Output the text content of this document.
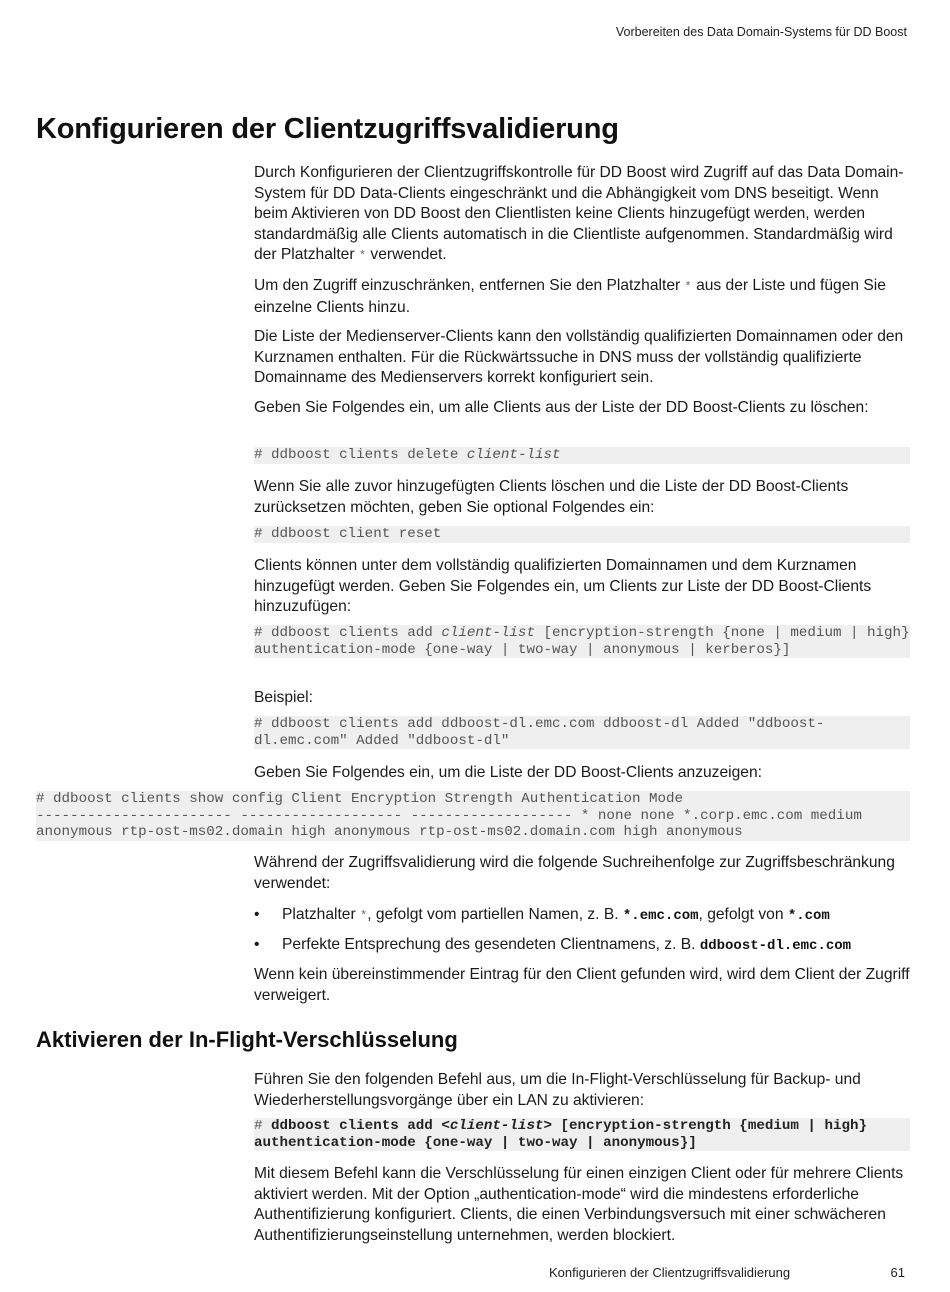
Vorbereiten des Data Domain-Systems für DD Boost
Konfigurieren der Clientzugriffsvalidierung

Durch Konfigurieren der Clientzugriffskontrolle für DD Boost wird Zugriff auf das Data Domain-System für DD Data-Clients eingeschränkt und die Abhängigkeit vom DNS beseitigt. Wenn beim Aktivieren von DD Boost den Clientlisten keine Clients hinzugefügt werden, werden standardmäßig alle Clients automatisch in die Clientliste aufgenommen. Standardmäßig wird der Platzhalter * verwendet.

Um den Zugriff einzuschränken, entfernen Sie den Platzhalter * aus der Liste und fügen Sie einzelne Clients hinzu.

Die Liste der Medienserver-Clients kann den vollständig qualifizierten Domainnamen oder den Kurznamen enthalten. Für die Rückwärtssuche in DNS muss der vollständig qualifizierte Domainname des Medienservers korrekt konfiguriert sein.

Geben Sie Folgendes ein, um alle Clients aus der Liste der DD Boost-Clients zu löschen:

# ddboost clients delete client-list

Wenn Sie alle zuvor hinzugefügten Clients löschen und die Liste der DD Boost-Clients zurücksetzen möchten, geben Sie optional Folgendes ein:

# ddboost client reset

Clients können unter dem vollständig qualifizierten Domainnamen und dem Kurznamen hinzugefügt werden. Geben Sie Folgendes ein, um Clients zur Liste der DD Boost-Clients hinzuzufügen:

# ddboost clients add client-list [encryption-strength {none | medium | high} authentication-mode {one-way | two-way | anonymous | kerberos}]

Beispiel:

# ddboost clients add ddboost-dl.emc.com ddboost-dl Added "ddboost-dl.emc.com" Added "ddboost-dl"

Geben Sie Folgendes ein, um die Liste der DD Boost-Clients anzuzeigen:

# ddboost clients show config Client Encryption Strength Authentication Mode
----------------------- ------------------- ------------------- * none none *.corp.emc.com medium anonymous rtp-ost-ms02.domain high anonymous rtp-ost-ms02.domain.com high anonymous

Während der Zugriffsvalidierung wird die folgende Suchreihenfolge zur Zugriffsbeschränkung verwendet:

• Platzhalter *, gefolgt vom partiellen Namen, z. B. *.emc.com, gefolgt von *.com
• Perfekte Entsprechung des gesendeten Clientnamens, z. B. ddboost-dl.emc.com

Wenn kein übereinstimmender Eintrag für den Client gefunden wird, wird dem Client der Zugriff verweigert.

Aktivieren der In-Flight-Verschlüsselung

Führen Sie den folgenden Befehl aus, um die In-Flight-Verschlüsselung für Backup- und Wiederherstellungsvorgänge über ein LAN zu aktivieren:

# ddboost clients add <client-list> [encryption-strength {medium | high} authentication-mode {one-way | two-way | anonymous}]

Mit diesem Befehl kann die Verschlüsselung für einen einzigen Client oder für mehrere Clients aktiviert werden. Mit der Option „authentication-mode“ wird die mindestens erforderliche Authentifizierung konfiguriert. Clients, die einen Verbindungsversuch mit einer schwächeren Authentifizierungseinstellung unternehmen, werden blockiert.

Konfigurieren der Clientzugriffsvalidierung	61
